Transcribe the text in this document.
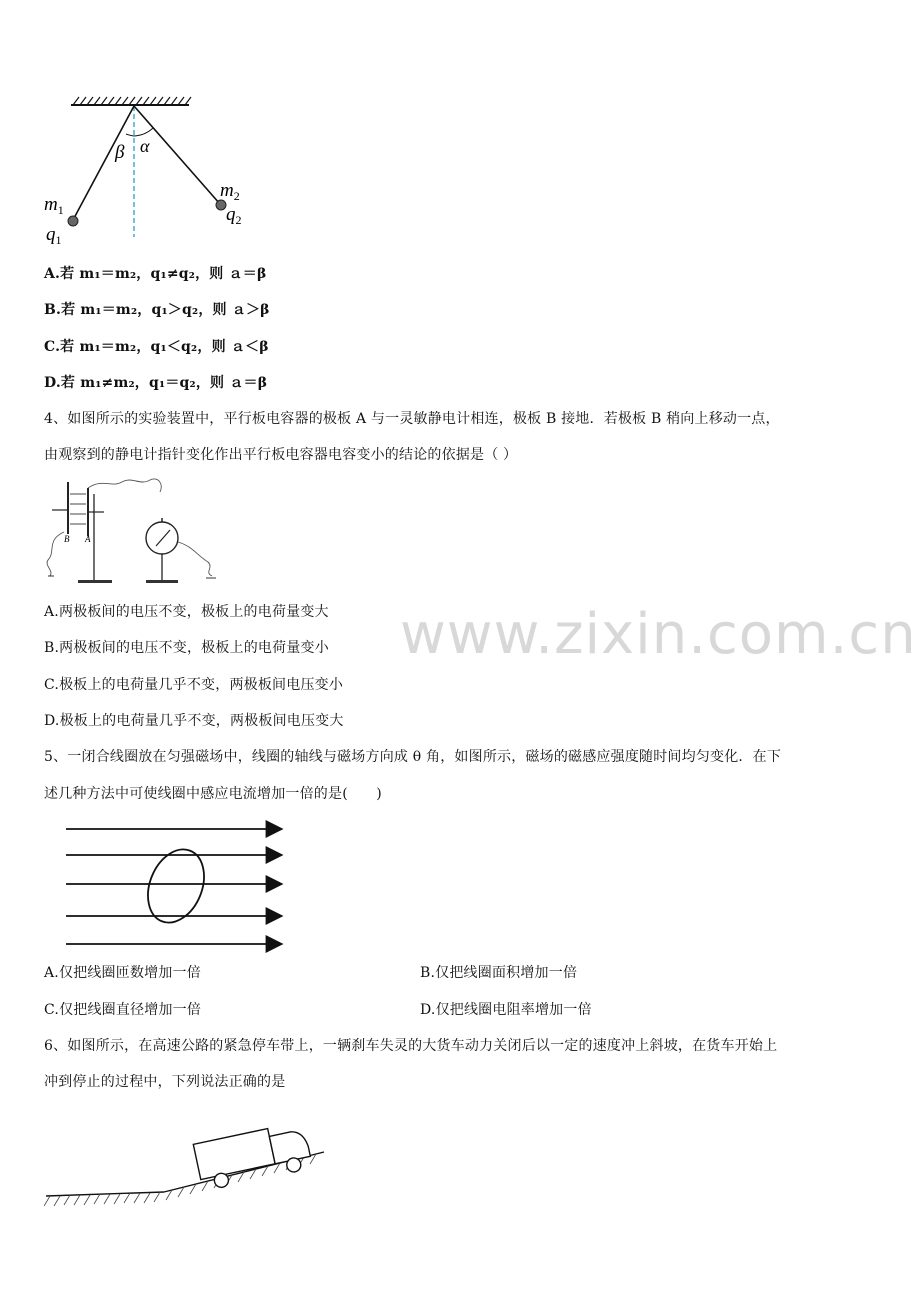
www.zixin.com.cn
β α
$m_1$
$q_1$
$m_2$
$q_2$
A.若 m₁＝m₂，q₁≠q₂，则 ａ＝β
B.若 m₁＝m₂，q₁＞q₂，则 ａ＞β
C.若 m₁＝m₂，q₁＜q₂，则 ａ＜β
D.若 m₁≠m₂，q₁＝q₂，则 ａ＝β
4、如图所示的实验装置中，平行板电容器的极板 A 与一灵敏静电计相连，极板 B 接地．若极板 B 稍向上移动一点，
由观察到的静电计指针变化作出平行板电容器电容变小的结论的依据是（ ）
B A
A.两极板间的电压不变，极板上的电荷量变大
B.两极板间的电压不变，极板上的电荷量变小
C.极板上的电荷量几乎不变，两极板间电压变小
D.极板上的电荷量几乎不变，两极板间电压变大
5、一闭合线圈放在匀强磁场中，线圈的轴线与磁场方向成 θ 角，如图所示，磁场的磁感应强度随时间均匀变化．在下
述几种方法中可使线圈中感应电流增加一倍的是(　　)
A.仅把线圈匝数增加一倍	B.仅把线圈面积增加一倍
C.仅把线圈直径增加一倍	D.仅把线圈电阻率增加一倍
6、如图所示，在高速公路的紧急停车带上，一辆刹车失灵的大货车动力关闭后以一定的速度冲上斜坡，在货车开始上
冲到停止的过程中，下列说法正确的是
